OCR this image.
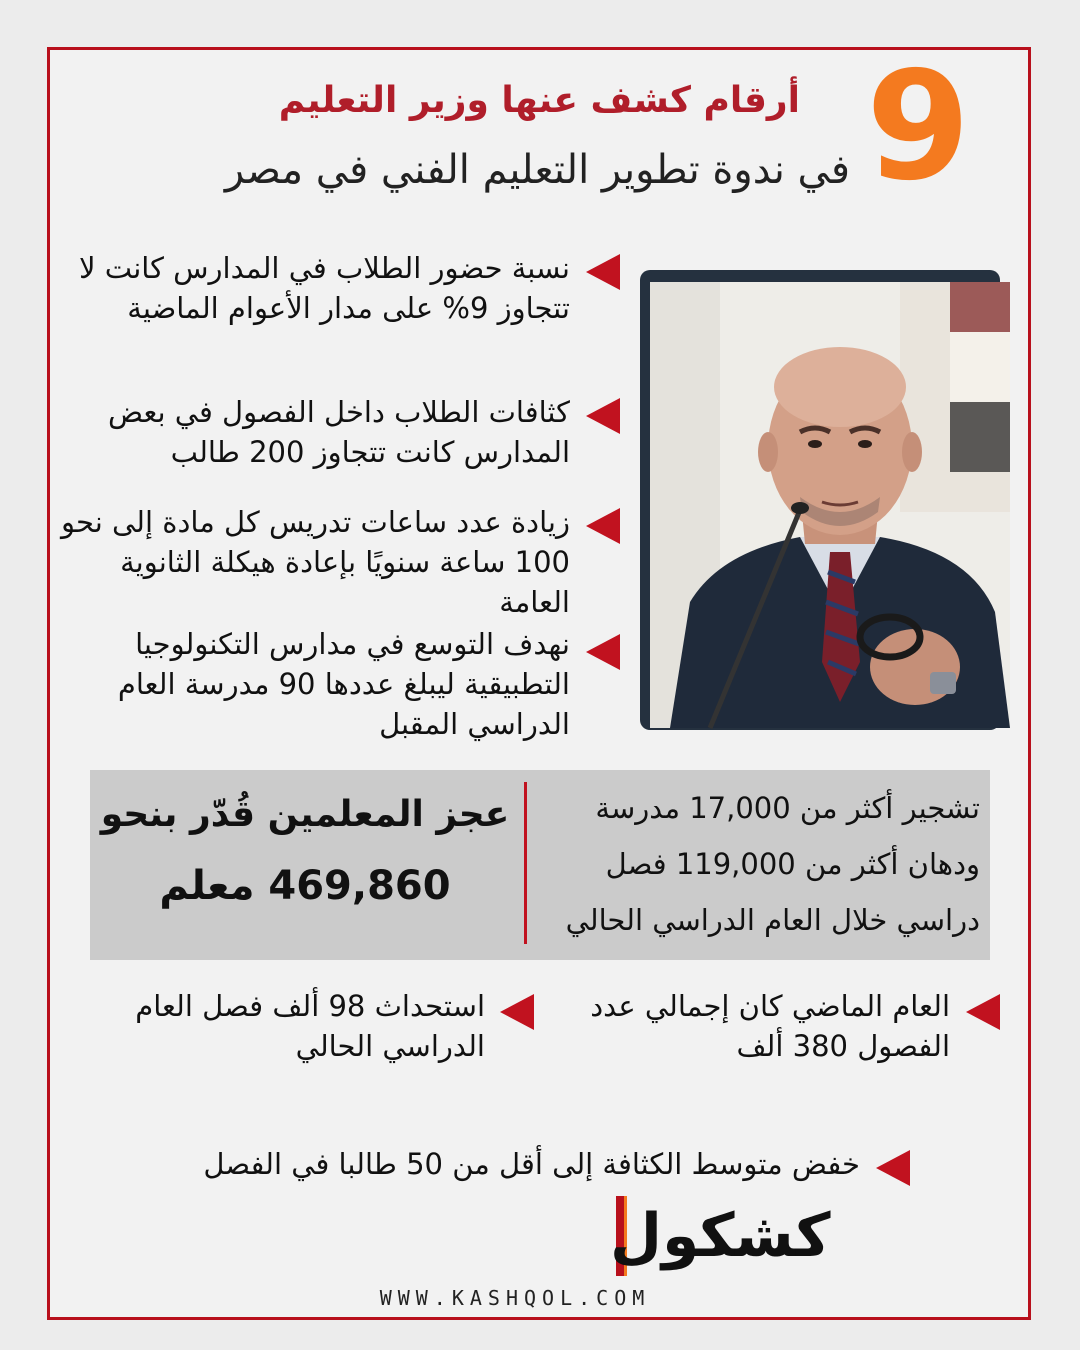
9
أرقام كشف عنها وزير التعليم
في ندوة تطوير التعليم الفني في مصر
نسبة حضور الطلاب في المدارس كانت لا تتجاوز 9% على مدار الأعوام الماضية
كثافات الطلاب داخل الفصول في بعض المدارس كانت تتجاوز 200 طالب
زيادة عدد ساعات تدريس كل مادة إلى نحو 100 ساعة سنويًا بإعادة هيكلة الثانوية العامة
نهدف التوسع في مدارس التكنولوجيا التطبيقية ليبلغ عددها 90 مدرسة العام الدراسي المقبل
تشجير أكثر من 17,000 مدرسة ودهان أكثر من 119,000 فصل دراسي خلال العام الدراسي الحالي
عجز المعلمين قُدّر بنحو
469,860 معلم
العام الماضي كان إجمالي عدد الفصول 380 ألف
استحداث 98 ألف فصل العام الدراسي الحالي
خفض متوسط الكثافة إلى أقل من 50 طالبا في الفصل
كشكول
WWW.KASHQOL.COM
